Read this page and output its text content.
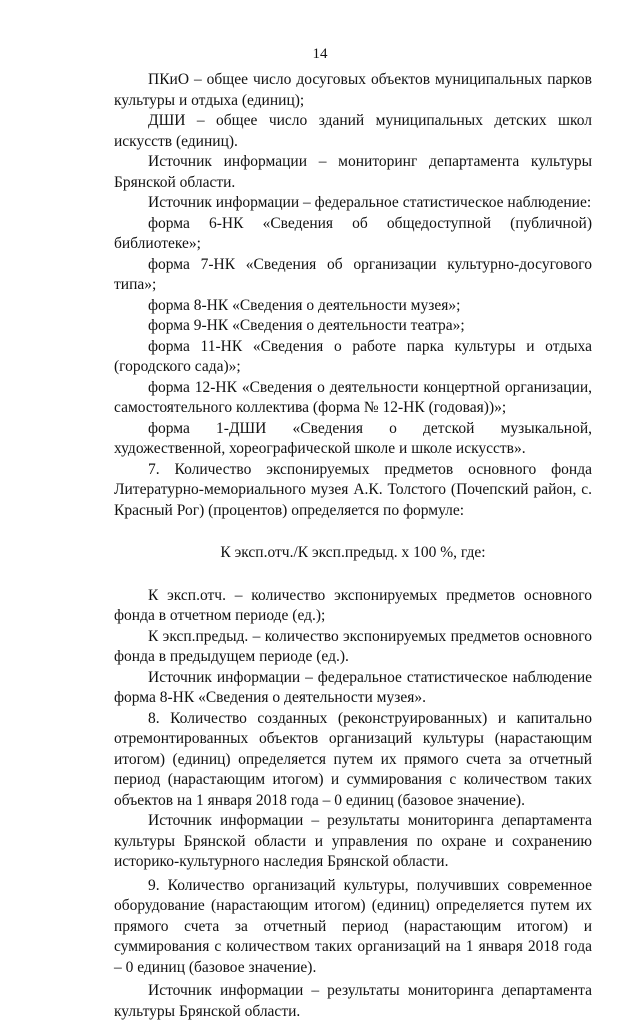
14

ПКиО – общее число досуговых объектов муниципальных парков культуры и отдыха (единиц);

ДШИ – общее число зданий муниципальных детских школ искусств (единиц).

Источник информации – мониторинг департамента культуры Брянской области.

Источник информации – федеральное статистическое наблюдение:

форма 6-НК «Сведения об общедоступной (публичной) библиотеке»;

форма 7-НК «Сведения об организации культурно-досугового типа»;

форма 8-НК «Сведения о деятельности музея»;

форма 9-НК «Сведения о деятельности театра»;

форма 11-НК «Сведения о работе парка культуры и отдыха (городского сада)»;

форма 12-НК «Сведения о деятельности концертной организации, самостоятельного коллектива (форма № 12-НК (годовая))»;

форма 1-ДШИ «Сведения о детской музыкальной, художественной, хореографической школе и школе искусств».

7. Количество экспонируемых предметов основного фонда Литературно-мемориального музея А.К. Толстого (Почепский район, с. Красный Рог) (процентов) определяется по формуле:

К эксп.отч./К эксп.предыд. х 100 %, где:

К эксп.отч. – количество экспонируемых предметов основного фонда в отчетном периоде (ед.);

К эксп.предыд. – количество экспонируемых предметов основного фонда в предыдущем периоде (ед.).

Источник информации – федеральное статистическое наблюдение форма 8-НК «Сведения о деятельности музея».

8. Количество созданных (реконструированных) и капитально отремонтированных объектов организаций культуры (нарастающим итогом) (единиц) определяется путем их прямого счета за отчетный период (нарастающим итогом) и суммирования с количеством таких объектов на 1 января 2018 года – 0 единиц (базовое значение).

Источник информации – результаты мониторинга департамента культуры Брянской области и управления по охране и сохранению историко-культурного наследия Брянской области.

9. Количество организаций культуры, получивших современное оборудование (нарастающим итогом) (единиц) определяется путем их прямого счета за отчетный период (нарастающим итогом) и суммирования с количеством таких организаций на 1 января 2018 года – 0 единиц (базовое значение).

Источник информации – результаты мониторинга департамента культуры Брянской области.
